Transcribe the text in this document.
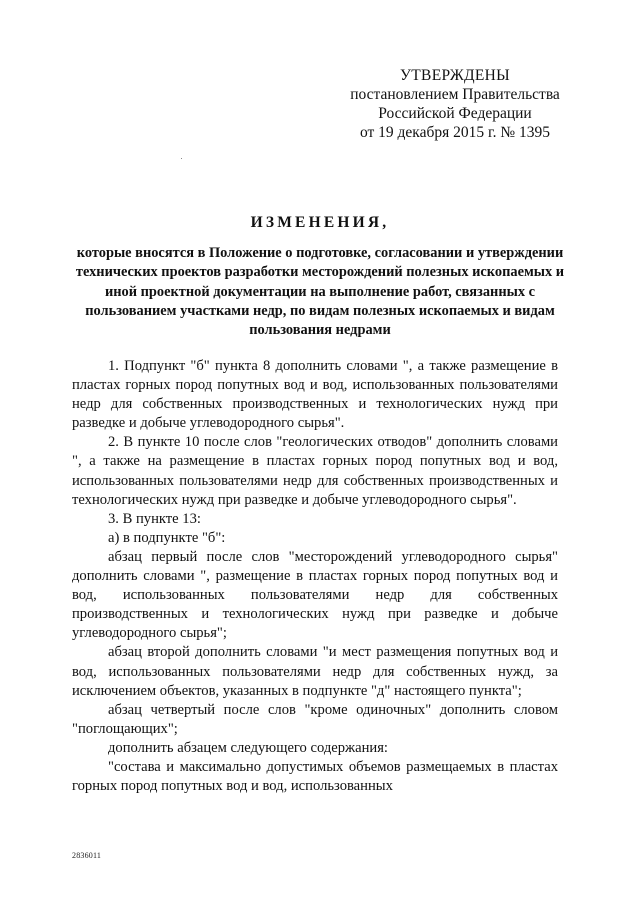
УТВЕРЖДЕНЫ
постановлением Правительства
Российской Федерации
от 19 декабря 2015 г. № 1395
ИЗМЕНЕНИЯ,
которые вносятся в Положение о подготовке, согласовании и утверждении технических проектов разработки месторождений полезных ископаемых и иной проектной документации на выполнение работ, связанных с пользованием участками недр, по видам полезных ископаемых и видам пользования недрами

1. Подпункт "б" пункта 8 дополнить словами ", а также размещение в пластах горных пород попутных вод и вод, использованных пользователями недр для собственных производственных и технологических нужд при разведке и добыче углеводородного сырья".

2. В пункте 10 после слов "геологических отводов" дополнить словами ", а также на размещение в пластах горных пород попутных вод и вод, использованных пользователями недр для собственных производственных и технологических нужд при разведке и добыче углеводородного сырья".

3. В пункте 13:

а) в подпункте "б":

абзац первый после слов "месторождений углеводородного сырья" дополнить словами ", размещение в пластах горных пород попутных вод и вод, использованных пользователями недр для собственных производственных и технологических нужд при разведке и добыче углеводородного сырья";

абзац второй дополнить словами "и мест размещения попутных вод и вод, использованных пользователями недр для собственных нужд, за исключением объектов, указанных в подпункте "д" настоящего пункта";

абзац четвертый после слов "кроме одиночных" дополнить словом "поглощающих";

дополнить абзацем следующего содержания:

"состава и максимально допустимых объемов размещаемых в пластах горных пород попутных вод и вод, использованных

2836011
